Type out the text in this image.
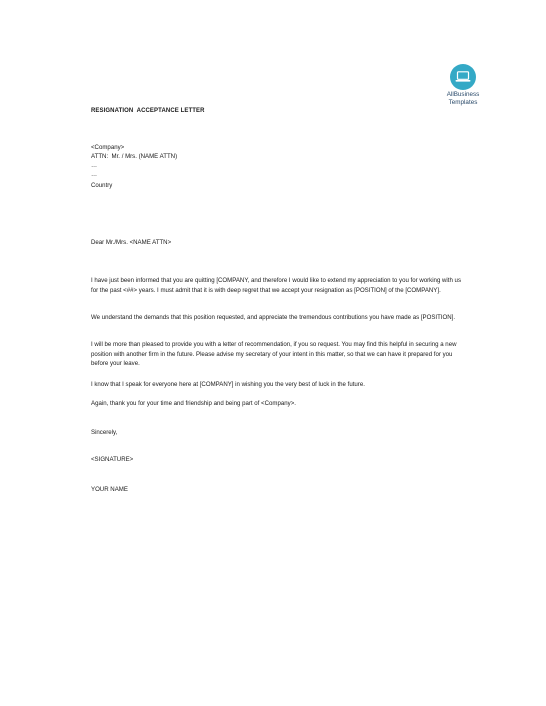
AllBusiness
Templates
RESIGNATION  ACCEPTANCE LETTER
<Company>
ATTN:  Mr. / Mrs. (NAME ATTN)
…
…
Country
Dear Mr./Mrs. <NAME ATTN>
I have just been informed that you are quitting [COMPANY, and therefore I would like to extend my appreciation to you for working with us for the past <##> years. I must admit that it is with deep regret that we accept your resignation as [POSITION] of the [COMPANY].
We understand the demands that this position requested, and appreciate the tremendous contributions you have made as [POSITION].
I will be more than pleased to provide you with a letter of recommendation, if you so request. You may find this helpful in securing a new position with another firm in the future. Please advise my secretary of your intent in this matter, so that we can have it prepared for you before your leave.
I know that I speak for everyone here at [COMPANY] in wishing you the very best of luck in the future.
Again, thank you for your time and friendship and being part of <Company>.
Sincerely,
<SIGNATURE>
YOUR NAME
